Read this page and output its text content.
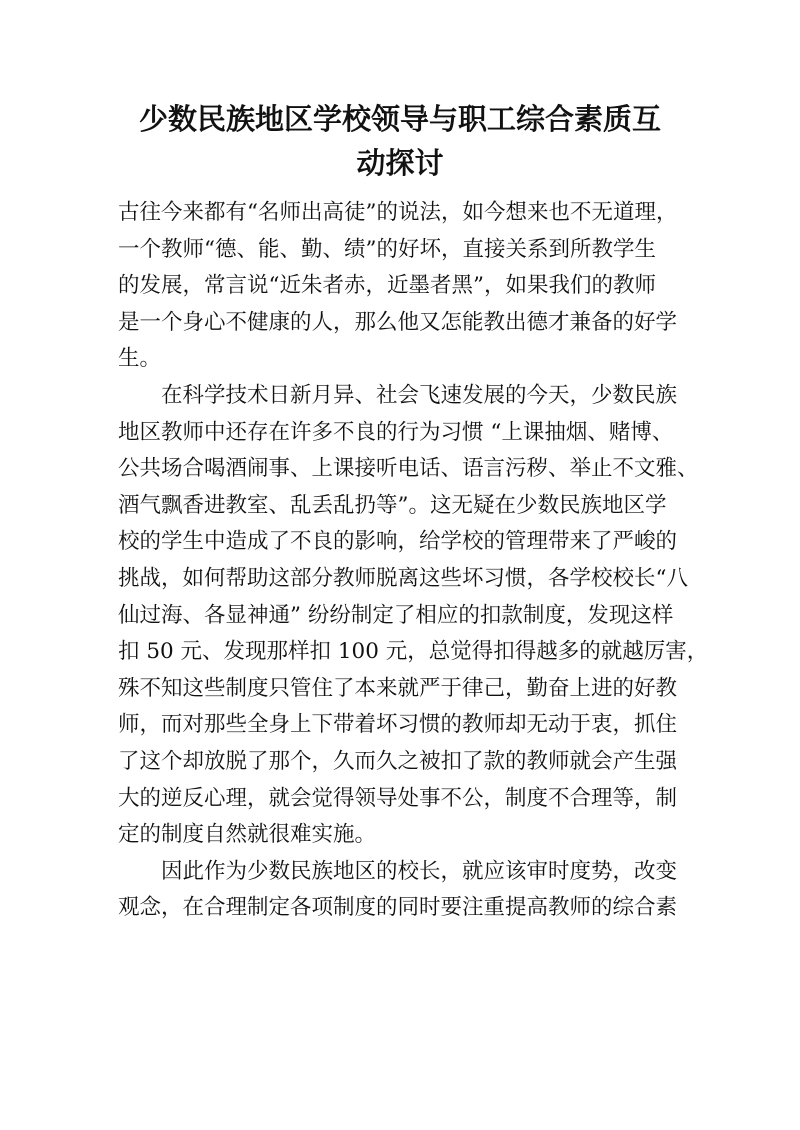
少数民族地区学校领导与职工综合素质互
动探讨
古往今来都有“名师出高徒”的说法，如今想来也不无道理，
一个教师“德、能、勤、绩”的好坏，直接关系到所教学生
的发展，常言说“近朱者赤，近墨者黑”，如果我们的教师
是一个身心不健康的人，那么他又怎能教出德才兼备的好学
生。
　　在科学技术日新月异、社会飞速发展的今天，少数民族
地区教师中还存在许多不良的行为习惯 “上课抽烟、赌博、
公共场合喝酒闹事、上课接听电话、语言污秽、举止不文雅、
酒气飘香进教室、乱丢乱扔等”。这无疑在少数民族地区学
校的学生中造成了不良的影响，给学校的管理带来了严峻的
挑战，如何帮助这部分教师脱离这些坏习惯，各学校校长“八
仙过海、各显神通” 纷纷制定了相应的扣款制度，发现这样
扣 50 元、发现那样扣 100 元，总觉得扣得越多的就越厉害，
殊不知这些制度只管住了本来就严于律己，勤奋上进的好教
师，而对那些全身上下带着坏习惯的教师却无动于衷，抓住
了这个却放脱了那个，久而久之被扣了款的教师就会产生强
大的逆反心理，就会觉得领导处事不公，制度不合理等，制
定的制度自然就很难实施。
　　因此作为少数民族地区的校长，就应该审时度势，改变
观念，在合理制定各项制度的同时要注重提高教师的综合素
